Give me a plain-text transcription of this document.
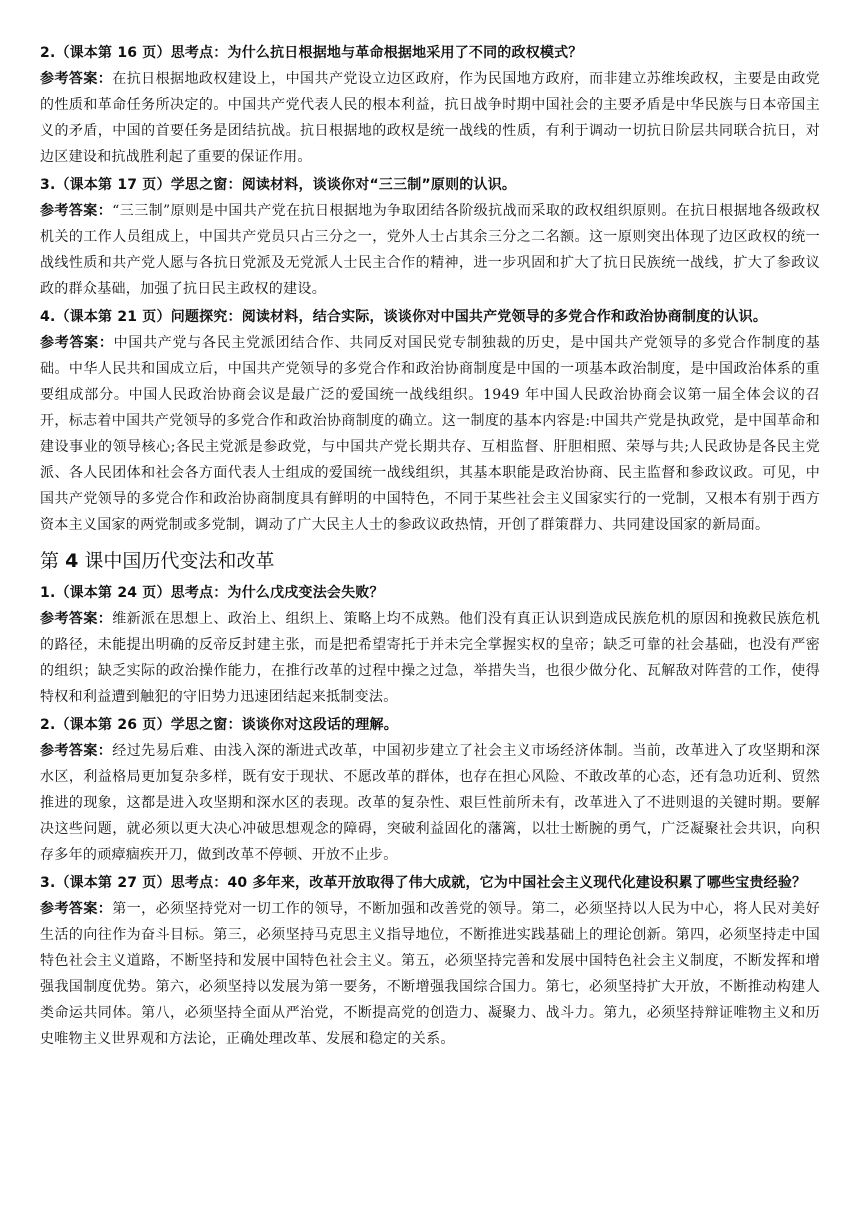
2.（课本第 16 页）思考点：为什么抗日根据地与革命根据地采用了不同的政权模式？

参考答案：在抗日根据地政权建设上，中国共产党设立边区政府，作为民国地方政府，而非建立苏维埃政权，主要是由政党的性质和革命任务所决定的。中国共产党代表人民的根本利益，抗日战争时期中国社会的主要矛盾是中华民族与日本帝国主义的矛盾，中国的首要任务是团结抗战。抗日根据地的政权是统一战线的性质，有利于调动一切抗日阶层共同联合抗日，对边区建设和抗战胜利起了重要的保证作用。

3.（课本第 17 页）学思之窗：阅读材料，谈谈你对“三三制”原则的认识。

参考答案：“三三制”原则是中国共产党在抗日根据地为争取团结各阶级抗战而采取的政权组织原则。在抗日根据地各级政权机关的工作人员组成上，中国共产党员只占三分之一，党外人士占其余三分之二名额。这一原则突出体现了边区政权的统一战线性质和共产党人愿与各抗日党派及无党派人士民主合作的精神，进一步巩固和扩大了抗日民族统一战线，扩大了参政议政的群众基础，加强了抗日民主政权的建设。

4.（课本第 21 页）问题探究：阅读材料，结合实际，谈谈你对中国共产党领导的多党合作和政治协商制度的认识。

参考答案：中国共产党与各民主党派团结合作、共同反对国民党专制独裁的历史，是中国共产党领导的多党合作制度的基础。中华人民共和国成立后，中国共产党领导的多党合作和政治协商制度是中国的一项基本政治制度，是中国政治体系的重要组成部分。中国人民政治协商会议是最广泛的爱国统一战线组织。1949 年中国人民政治协商会议第一届全体会议的召开，标志着中国共产党领导的多党合作和政治协商制度的确立。这一制度的基本内容是:中国共产党是执政党，是中国革命和建设事业的领导核心;各民主党派是参政党，与中国共产党长期共存、互相监督、肝胆相照、荣辱与共;人民政协是各民主党派、各人民团体和社会各方面代表人士组成的爱国统一战线组织，其基本职能是政治协商、民主监督和参政议政。可见，中国共产党领导的多党合作和政治协商制度具有鲜明的中国特色，不同于某些社会主义国家实行的一党制，又根本有别于西方资本主义国家的两党制或多党制，调动了广大民主人士的参政议政热情，开创了群策群力、共同建设国家的新局面。

第 4 课中国历代变法和改革

1.（课本第 24 页）思考点：为什么戊戌变法会失败？

参考答案：维新派在思想上、政治上、组织上、策略上均不成熟。他们没有真正认识到造成民族危机的原因和挽救民族危机的路径，未能提出明确的反帝反封建主张，而是把希望寄托于并未完全掌握实权的皇帝；缺乏可靠的社会基础，也没有严密的组织；缺乏实际的政治操作能力，在推行改革的过程中操之过急，举措失当，也很少做分化、瓦解敌对阵营的工作，使得特权和利益遭到触犯的守旧势力迅速团结起来抵制变法。

2.（课本第 26 页）学思之窗：谈谈你对这段话的理解。

参考答案：经过先易后难、由浅入深的渐进式改革，中国初步建立了社会主义市场经济体制。当前，改革进入了攻坚期和深水区，利益格局更加复杂多样，既有安于现状、不愿改革的群体，也存在担心风险、不敢改革的心态，还有急功近利、贸然推进的现象，这都是进入攻坚期和深水区的表现。改革的复杂性、艰巨性前所未有，改革进入了不进则退的关键时期。要解决这些问题，就必须以更大决心冲破思想观念的障碍，突破利益固化的藩篱，以壮士断腕的勇气，广泛凝聚社会共识，向积存多年的顽瘴痼疾开刀，做到改革不停顿、开放不止步。

3.（课本第 27 页）思考点：40 多年来，改革开放取得了伟大成就，它为中国社会主义现代化建设积累了哪些宝贵经验？

参考答案：第一，必须坚持党对一切工作的领导，不断加强和改善党的领导。第二，必须坚持以人民为中心，将人民对美好生活的向往作为奋斗目标。第三，必须坚持马克思主义指导地位，不断推进实践基础上的理论创新。第四，必须坚持走中国特色社会主义道路，不断坚持和发展中国特色社会主义。第五，必须坚持完善和发展中国特色社会主义制度，不断发挥和增强我国制度优势。第六，必须坚持以发展为第一要务，不断增强我国综合国力。第七，必须坚持扩大开放，不断推动构建人类命运共同体。第八，必须坚持全面从严治党，不断提高党的创造力、凝聚力、战斗力。第九，必须坚持辩证唯物主义和历史唯物主义世界观和方法论，正确处理改革、发展和稳定的关系。
